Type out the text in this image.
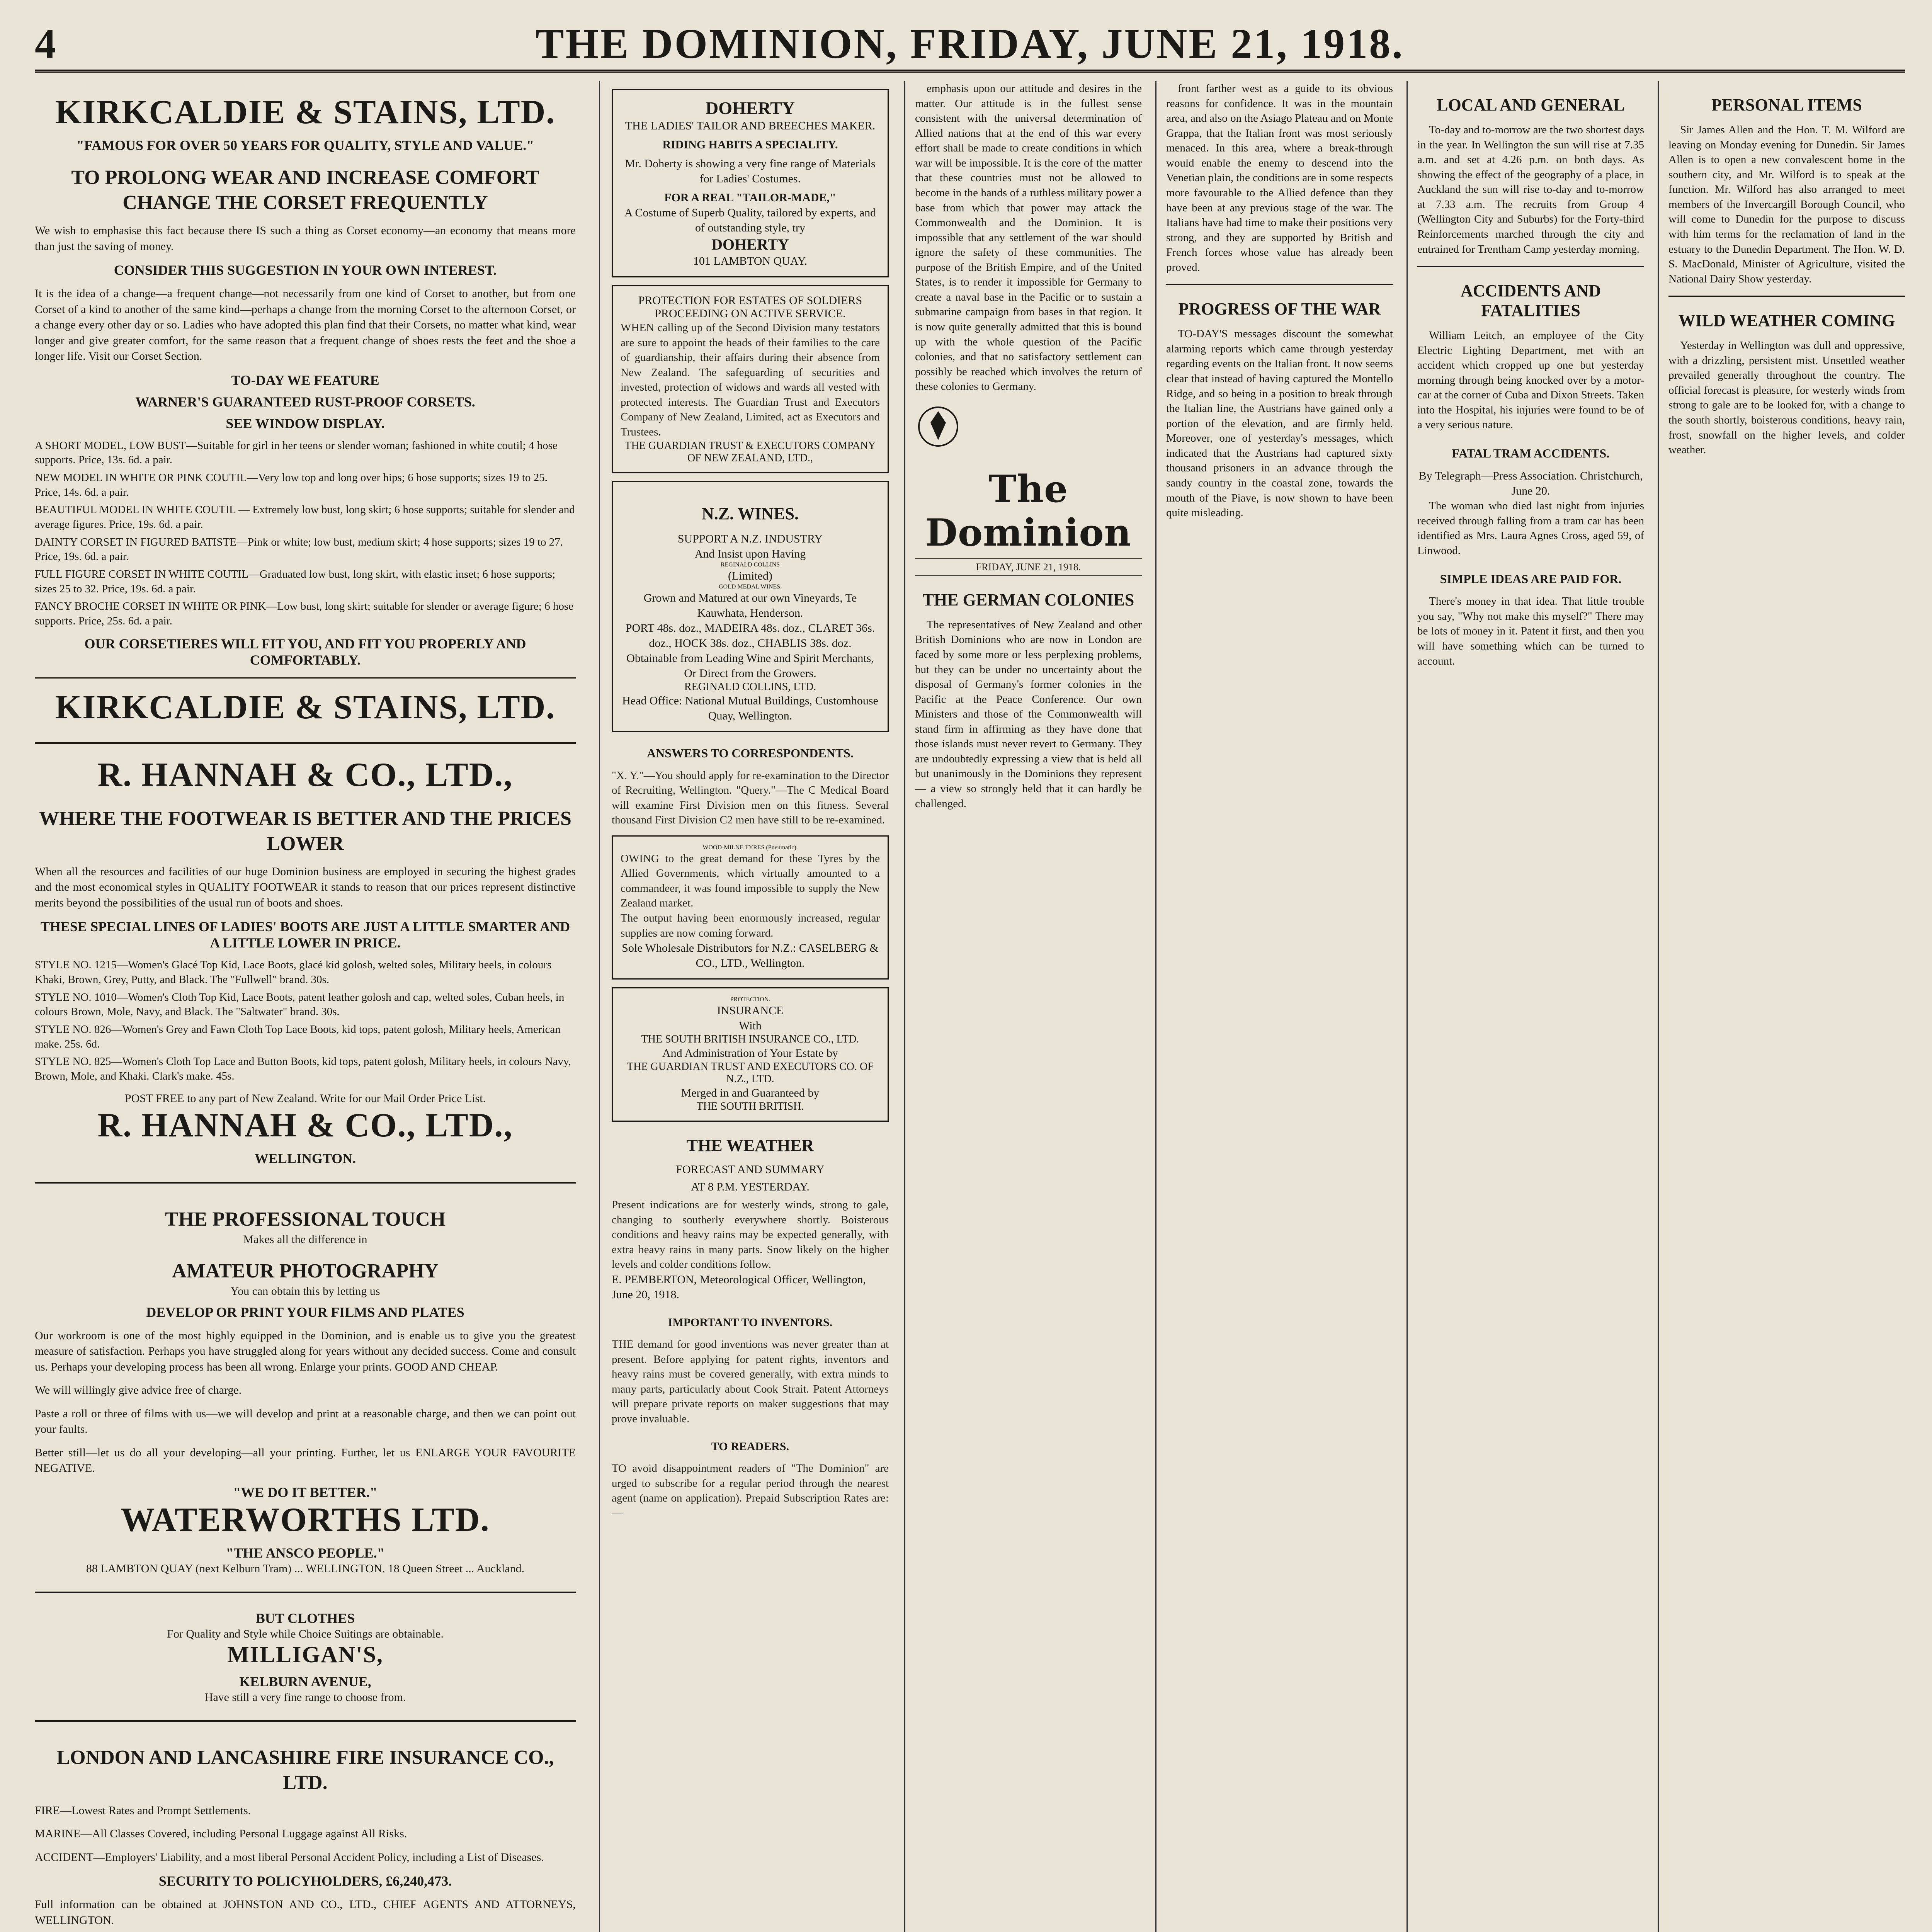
4	THE DOMINION, FRIDAY, JUNE 21, 1918.
KIRKCALDIE & STAINS, LTD.
"FAMOUS FOR OVER 50 YEARS FOR QUALITY, STYLE AND VALUE."
TO PROLONG WEAR AND INCREASE COMFORT CHANGE THE CORSET FREQUENTLY

We wish to emphasise this fact because there IS such a thing as Corset economy—an economy that means more than just the saving of money.

CONSIDER THIS SUGGESTION IN YOUR OWN INTEREST.

It is the idea of a change—a frequent change—not necessarily from one kind of Corset to another, but from one Corset of a kind to another of the same kind—perhaps a change from the morning Corset to the afternoon Corset, or a change every other day or so. Ladies who have adopted this plan find that their Corsets, no matter what kind, wear longer and give greater comfort, for the same reason that a frequent change of shoes rests the feet and the shoe a longer life. Visit our Corset Section.

TO-DAY WE FEATURE
WARNER'S GUARANTEED RUST-PROOF CORSETS.
SEE WINDOW DISPLAY.
A SHORT MODEL, LOW BUST—Suitable for girl in her teens or slender woman; fashioned in white coutil; 4 hose supports. Price, 13s. 6d. a pair.
NEW MODEL IN WHITE OR PINK COUTIL—Very low top and long over hips; 6 hose supports; sizes 19 to 25. Price, 14s. 6d. a pair.
BEAUTIFUL MODEL IN WHITE COUTIL — Extremely low bust, long skirt; 6 hose supports; suitable for slender and average figures. Price, 19s. 6d. a pair.
DAINTY CORSET IN FIGURED BATISTE—Pink or white; low bust, medium skirt; 4 hose supports; sizes 19 to 27. Price, 19s. 6d. a pair.
FULL FIGURE CORSET IN WHITE COUTIL—Graduated low bust, long skirt, with elastic inset; 6 hose supports; sizes 25 to 32. Price, 19s. 6d. a pair.
FANCY BROCHE CORSET IN WHITE OR PINK—Low bust, long skirt; suitable for slender or average figure; 6 hose supports. Price, 25s. 6d. a pair.
OUR CORSETIERES WILL FIT YOU, AND FIT YOU PROPERLY AND COMFORTABLY.
KIRKCALDIE & STAINS, LTD.
R. HANNAH & CO., LTD.,
WHERE THE FOOTWEAR IS BETTER AND THE PRICES LOWER

When all the resources and facilities of our huge Dominion business are employed in securing the highest grades and the most economical styles in QUALITY FOOTWEAR it stands to reason that our prices represent distinctive merits beyond the possibilities of the usual run of boots and shoes.

THESE SPECIAL LINES OF LADIES' BOOTS ARE JUST A LITTLE SMARTER AND A LITTLE LOWER IN PRICE.
STYLE NO. 1215—Women's Glacé Top Kid, Lace Boots, glacé kid golosh, welted soles, Military heels, in colours Khaki, Brown, Grey, Putty, and Black. The "Fullwell" brand. 30s.
STYLE NO. 1010—Women's Cloth Top Kid, Lace Boots, patent leather golosh and cap, welted soles, Cuban heels, in colours Brown, Mole, Navy, and Black. The "Saltwater" brand. 30s.
STYLE NO. 826—Women's Grey and Fawn Cloth Top Lace Boots, kid tops, patent golosh, Military heels, American make. 25s. 6d.
STYLE NO. 825—Women's Cloth Top Lace and Button Boots, kid tops, patent golosh, Military heels, in colours Navy, Brown, Mole, and Khaki. Clark's make. 45s.
POST FREE to any part of New Zealand. Write for our Mail Order Price List.
R. HANNAH & CO., LTD.,
WELLINGTON.
THE PROFESSIONAL TOUCH
Makes all the difference in
AMATEUR PHOTOGRAPHY
You can obtain this by letting us
DEVELOP OR PRINT YOUR FILMS AND PLATES

Our workroom is one of the most highly equipped in the Dominion, and is enable us to give you the greatest measure of satisfaction. Perhaps you have struggled along for years without any decided success. Come and consult us. Perhaps your developing process has been all wrong. Enlarge your prints. GOOD AND CHEAP.

We will willingly give advice free of charge.

Paste a roll or three of films with us—we will develop and print at a reasonable charge, and then we can point out your faults.

Better still—let us do all your developing—all your printing. Further, let us ENLARGE YOUR FAVOURITE NEGATIVE.

"WE DO IT BETTER."
WATERWORTHS LTD.
"THE ANSCO PEOPLE."
88 LAMBTON QUAY (next Kelburn Tram) ... WELLINGTON. 18 Queen Street ... Auckland.
BUT CLOTHES
For Quality and Style while Choice Suitings are obtainable.
MILLIGAN'S,
KELBURN AVENUE,
Have still a very fine range to choose from.
LONDON AND LANCASHIRE FIRE INSURANCE CO., LTD.

FIRE—Lowest Rates and Prompt Settlements.

MARINE—All Classes Covered, including Personal Luggage against All Risks.

ACCIDENT—Employers' Liability, and a most liberal Personal Accident Policy, including a List of Diseases.

SECURITY TO POLICYHOLDERS, £6,240,473.

Full information can be obtained at JOHNSTON AND CO., LTD., CHIEF AGENTS AND ATTORNEYS, WELLINGTON.

DOHERTY
THE LADIES' TAILOR AND BREECHES MAKER.
RIDING HABITS A SPECIALITY.
Mr. Doherty is showing a very fine range of Materials for Ladies' Costumes.
FOR A REAL "TAILOR-MADE,"
A Costume of Superb Quality, tailored by experts, and of outstanding style, try
DOHERTY
101 LAMBTON QUAY.
PROTECTION FOR ESTATES OF SOLDIERS PROCEEDING ON ACTIVE SERVICE.
WHEN calling up of the Second Division many testators are sure to appoint the heads of their families to the care of guardianship, their affairs during their absence from New Zealand. The safeguarding of securities and invested, protection of widows and wards all vested with protected interests. The Guardian Trust and Executors Company of New Zealand, Limited, act as Executors and Trustees.
THE GUARDIAN TRUST & EXECUTORS COMPANY OF NEW ZEALAND, LTD.,
N.Z. WINES.
SUPPORT A N.Z. INDUSTRY
And Insist upon Having
REGINALD COLLINS
(Limited)
GOLD MEDAL WINES.
Grown and Matured at our own Vineyards, Te Kauwhata, Henderson.
PORT 48s. doz., MADEIRA 48s. doz., CLARET 36s. doz., HOCK 38s. doz., CHABLIS 38s. doz.
Obtainable from Leading Wine and Spirit Merchants, Or Direct from the Growers.
REGINALD COLLINS, LTD.
Head Office: National Mutual Buildings, Customhouse Quay, Wellington.
ANSWERS TO CORRESPONDENTS.
"X. Y."—You should apply for re-examination to the Director of Recruiting, Wellington. "Query."—The C Medical Board will examine First Division men on this fitness. Several thousand First Division C2 men have still to be re-examined.
WOOD-MILNE TYRES (Pneumatic).
OWING to the great demand for these Tyres by the Allied Governments, which virtually amounted to a commandeer, it was found impossible to supply the New Zealand market.
The output having been enormously increased, regular supplies are now coming forward.
Sole Wholesale Distributors for N.Z.: CASELBERG & CO., LTD., Wellington.
PROTECTION.
INSURANCE
With
THE SOUTH BRITISH INSURANCE CO., LTD.
And Administration of Your Estate by
THE GUARDIAN TRUST AND EXECUTORS CO. OF N.Z., LTD.
Merged in and Guaranteed by
THE SOUTH BRITISH.
THE WEATHER
FORECAST AND SUMMARY
AT 8 P.M. YESTERDAY.
Present indications are for westerly winds, strong to gale, changing to southerly everywhere shortly. Boisterous conditions and heavy rains may be expected generally, with extra heavy rains in many parts. Snow likely on the higher levels and colder conditions follow.
E. PEMBERTON, Meteorological Officer, Wellington, June 20, 1918.
IMPORTANT TO INVENTORS.
THE demand for good inventions was never greater than at present. Before applying for patent rights, inventors and heavy rains must be covered generally, with extra minds to many parts, particularly about Cook Strait. Patent Attorneys will prepare private reports on maker suggestions that may prove invaluable.
TO READERS.
TO avoid disappointment readers of "The Dominion" are urged to subscribe for a regular period through the nearest agent (name on application). Prepaid Subscription Rates are:—

emphasis upon our attitude and desires in the matter. Our attitude is in the fullest sense consistent with the universal determination of Allied nations that at the end of this war every effort shall be made to create conditions in which war will be impossible. It is the core of the matter that these countries must not be allowed to become in the hands of a ruthless military power a base from which that power may attack the Commonwealth and the Dominion. It is impossible that any settlement of the war should ignore the safety of these communities. The purpose of the British Empire, and of the United States, is to render it impossible for Germany to create a naval base in the Pacific or to sustain a submarine campaign from bases in that region. It is now quite generally admitted that this is bound up with the whole question of the Pacific colonies, and that no satisfactory settlement can possibly be reached which involves the return of these colonies to Germany.

The Dominion
FRIDAY, JUNE 21, 1918.
THE GERMAN COLONIES

The representatives of New Zealand and other British Dominions who are now in London are faced by some more or less perplexing problems, but they can be under no uncertainty about the disposal of Germany's former colonies in the Pacific at the Peace Conference. Our own Ministers and those of the Commonwealth will stand firm in affirming as they have done that those islands must never revert to Germany. They are undoubtedly expressing a view that is held all but unanimously in the Dominions they represent — a view so strongly held that it can hardly be challenged.

front farther west as a guide to its obvious reasons for confidence. It was in the mountain area, and also on the Asiago Plateau and on Monte Grappa, that the Italian front was most seriously menaced. In this area, where a break-through would enable the enemy to descend into the Venetian plain, the conditions are in some respects more favourable to the Allied defence than they have been at any previous stage of the war. The Italians have had time to make their positions very strong, and they are supported by British and French forces whose value has already been proved.

PROGRESS OF THE WAR

TO-DAY'S messages discount the somewhat alarming reports which came through yesterday regarding events on the Italian front. It now seems clear that instead of having captured the Montello Ridge, and so being in a position to break through the Italian line, the Austrians have gained only a portion of the elevation, and are firmly held. Moreover, one of yesterday's messages, which indicated that the Austrians had captured sixty thousand prisoners in an advance through the sandy country in the coastal zone, towards the mouth of the Piave, is now shown to have been quite misleading.

LOCAL AND GENERAL

To-day and to-morrow are the two shortest days in the year. In Wellington the sun will rise at 7.35 a.m. and set at 4.26 p.m. on both days. As showing the effect of the geography of a place, in Auckland the sun will rise to-day and to-morrow at 7.33 a.m. The recruits from Group 4 (Wellington City and Suburbs) for the Forty-third Reinforcements marched through the city and entrained for Trentham Camp yesterday morning.

ACCIDENTS AND FATALITIES

William Leitch, an employee of the City Electric Lighting Department, met with an accident which cropped up one but yesterday morning through being knocked over by a motor-car at the corner of Cuba and Dixon Streets. Taken into the Hospital, his injuries were found to be of a very serious nature.

FATAL TRAM ACCIDENTS.
By Telegraph—Press Association. Christchurch, June 20.

The woman who died last night from injuries received through falling from a tram car has been identified as Mrs. Laura Agnes Cross, aged 59, of Linwood.

SIMPLE IDEAS ARE PAID FOR.

There's money in that idea. That little trouble you say, "Why not make this myself?" There may be lots of money in it. Patent it first, and then you will have something which can be turned to account.

PERSONAL ITEMS

Sir James Allen and the Hon. T. M. Wilford are leaving on Monday evening for Dunedin. Sir James Allen is to open a new convalescent home in the southern city, and Mr. Wilford is to speak at the function. Mr. Wilford has also arranged to meet members of the Invercargill Borough Council, who will come to Dunedin for the purpose to discuss with him terms for the reclamation of land in the estuary to the Dunedin Department. The Hon. W. D. S. MacDonald, Minister of Agriculture, visited the National Dairy Show yesterday.

WILD WEATHER COMING

Yesterday in Wellington was dull and oppressive, with a drizzling, persistent mist. Unsettled weather prevailed generally throughout the country. The official forecast is pleasure, for westerly winds from strong to gale are to be looked for, with a change to the south shortly, boisterous conditions, heavy rain, frost, snowfall on the higher levels, and colder weather.
